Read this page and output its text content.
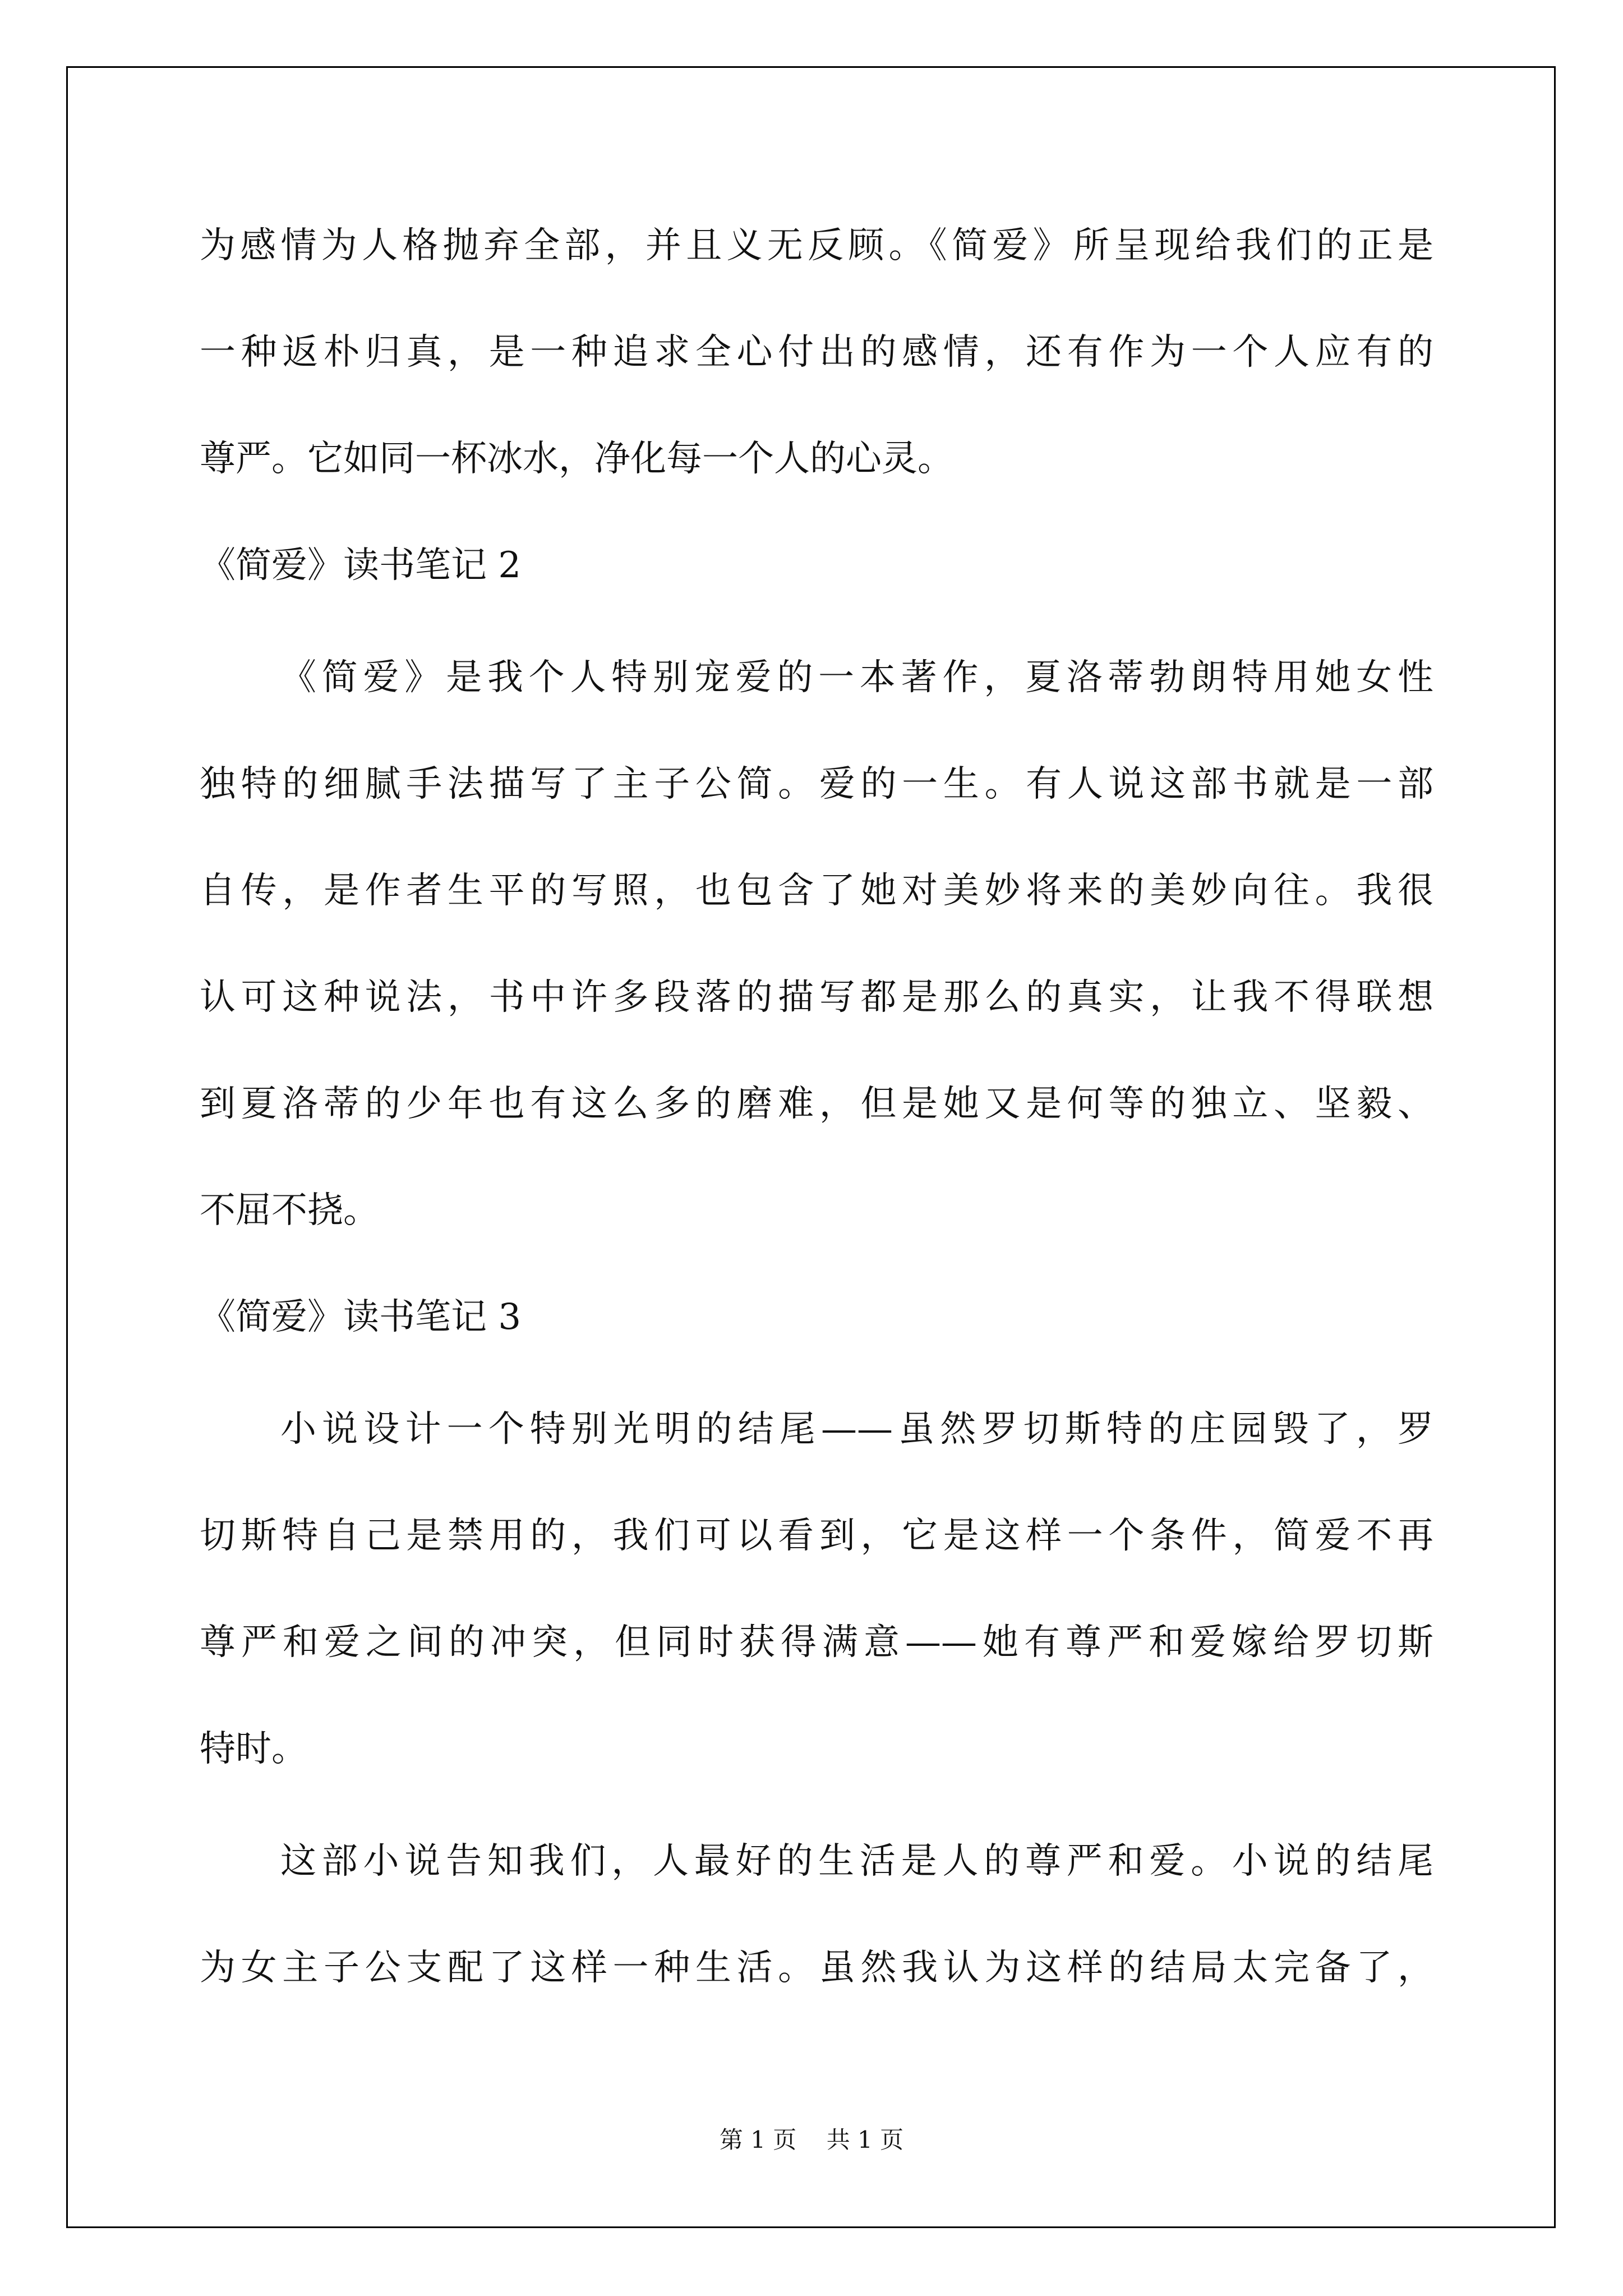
为感情为人格抛弃全部，并且义无反顾。《简爱》所呈现给我们的正是
一种返朴归真，是一种追求全心付出的感情，还有作为一个人应有的
尊严。它如同一杯冰水，净化每一个人的心灵。
《简爱》读书笔记 2
《简爱》是我个人特别宠爱的一本著作，夏洛蒂勃朗特用她女性
独特的细腻手法描写了主子公简。爱的一生。有人说这部书就是一部
自传，是作者生平的写照，也包含了她对美妙将来的美妙向往。我很
认可这种说法，书中许多段落的描写都是那么的真实，让我不得联想
到夏洛蒂的少年也有这么多的磨难，但是她又是何等的独立、坚毅、
不屈不挠。
《简爱》读书笔记 3
小说设计一个特别光明的结尾——虽然罗切斯特的庄园毁了，罗
切斯特自己是禁用的，我们可以看到，它是这样一个条件，简爱不再
尊严和爱之间的冲突，但同时获得满意——她有尊严和爱嫁给罗切斯
特时。
这部小说告知我们，人最好的生活是人的尊严和爱。小说的结尾
为女主子公支配了这样一种生活。虽然我认为这样的结局太完备了，
第 1 页    共 1 页
